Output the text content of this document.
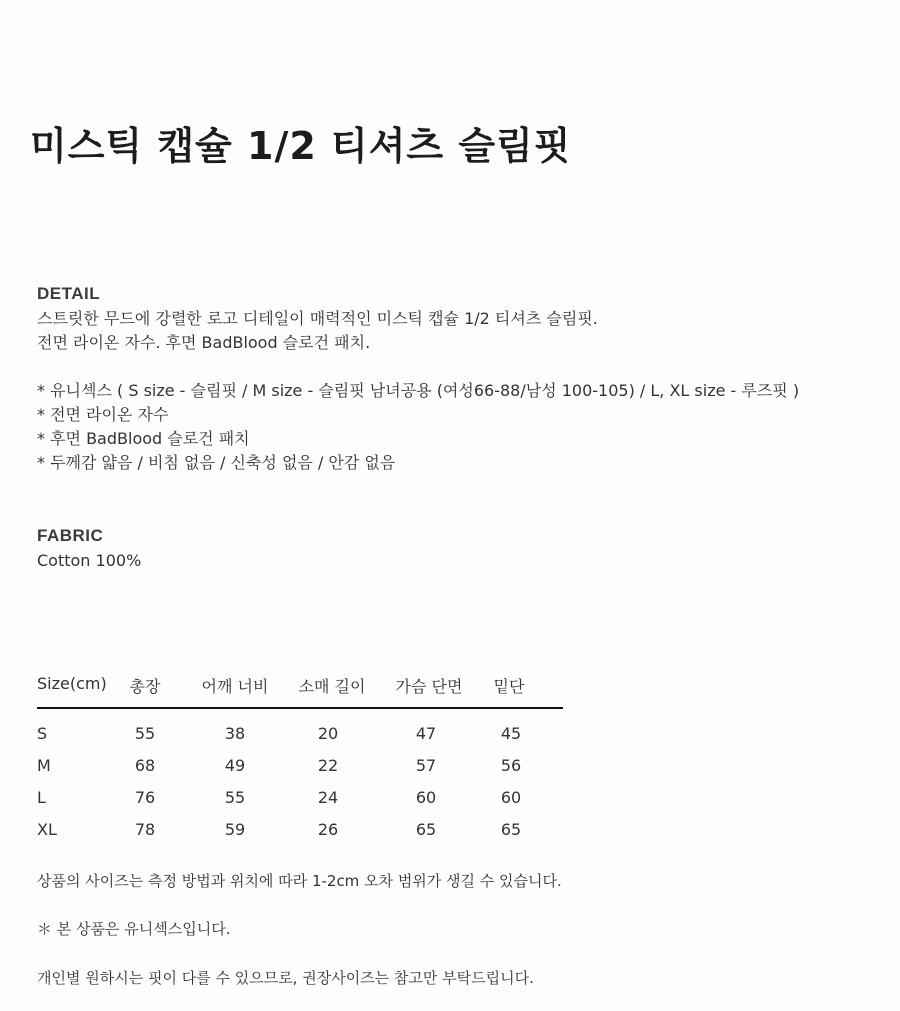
미스틱 캡슐 1/2 티셔츠 슬림핏
DETAIL
스트릿한 무드에 강렬한 로고 디테일이 매력적인 미스틱 캡슐 1/2 티셔츠 슬림핏.
전면 라이온 자수. 후면 BadBlood 슬로건 패치.
* 유니섹스 ( S size - 슬림핏 / M size - 슬림핏 남녀공용 (여성66-88/남성 100-105) / L, XL size - 루즈핏 )
* 전면 라이온 자수
* 후면 BadBlood 슬로건 패치
* 두께감 얇음 / 비침 없음 / 신축성 없음 / 안감 없음
FABRIC
Cotton 100%
Size(cm)	총장	어깨 너비	소매 길이	가슴 단면	밑단
S	55	38	20	47	45
M	68	49	22	57	56
L	76	55	24	60	60
XL	78	59	26	65	65
상품의 사이즈는 측정 방법과 위치에 따라 1-2cm 오차 범위가 생길 수 있습니다.
＊ 본 상품은 유니섹스입니다.
개인별 원하시는 핏이 다를 수 있으므로, 권장사이즈는 참고만 부탁드립니다.
